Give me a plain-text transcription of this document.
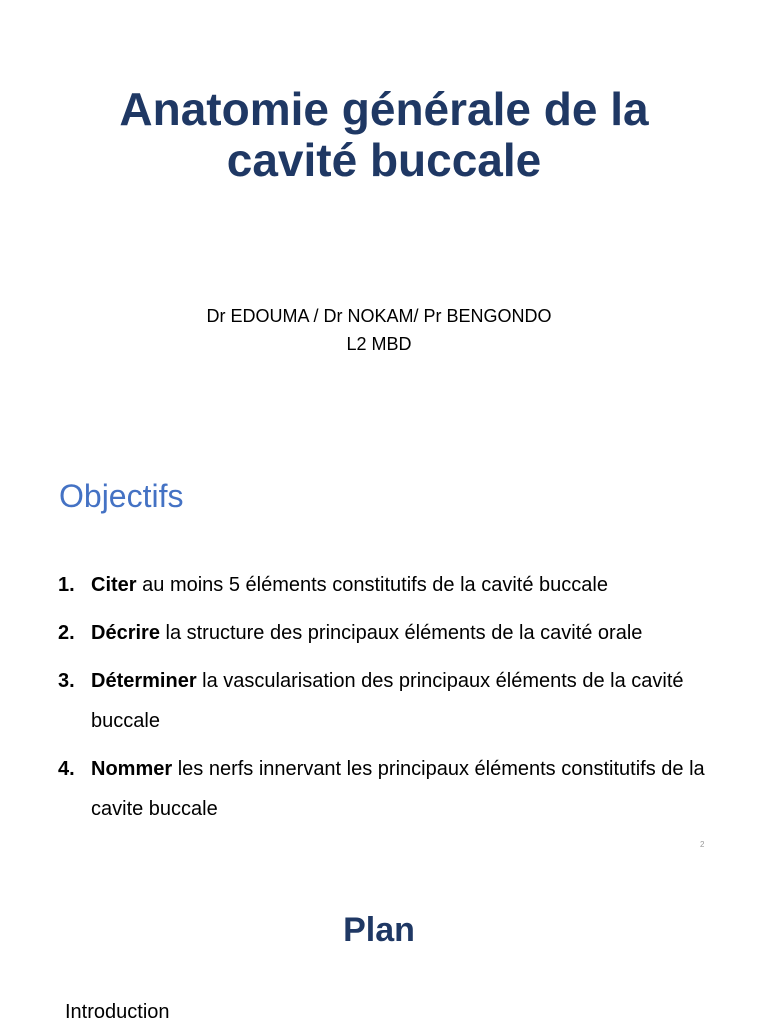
Anatomie générale de la
cavité buccale
Dr EDOUMA / Dr NOKAM/ Pr BENGONDO
L2 MBD
Objectifs
1. Citer au moins 5 éléments constitutifs de la cavité buccale
2. Décrire la structure des principaux éléments de la cavité orale
3. Déterminer la vascularisation des principaux éléments de la cavité buccale
4. Nommer les nerfs innervant les principaux éléments constitutifs de la cavite buccale
2
Plan
Introduction
